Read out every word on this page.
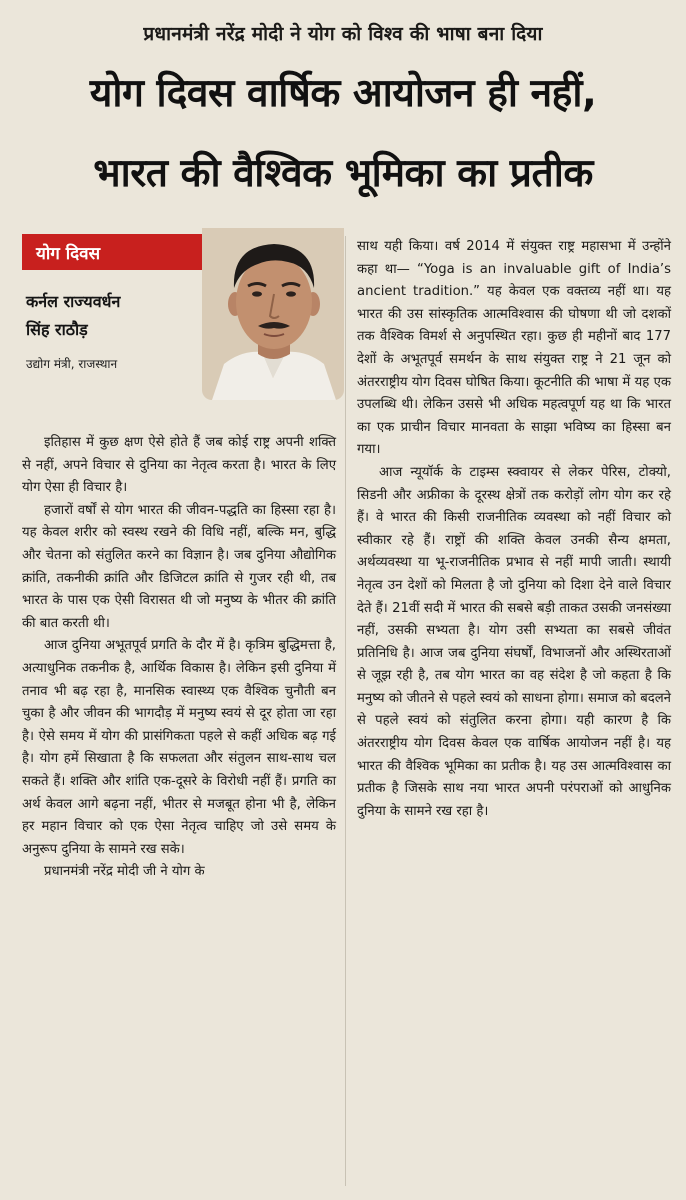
प्रधानमंत्री नरेंद्र मोदी ने योग को विश्व की भाषा बना दिया
योग दिवस वार्षिक आयोजन ही नहीं,
भारत की वैश्विक भूमिका का प्रतीक
योग दिवस
कर्नल राज्यवर्धन
सिंह राठौड़
उद्योग मंत्री, राजस्थान

इतिहास में कुछ क्षण ऐसे होते हैं जब कोई राष्ट्र अपनी शक्ति से नहीं, अपने विचार से दुनिया का नेतृत्व करता है। भारत के लिए योग ऐसा ही विचार है।

हजारों वर्षों से योग भारत की जीवन-पद्धति का हिस्सा रहा है। यह केवल शरीर को स्वस्थ रखने की विधि नहीं, बल्कि मन, बुद्धि और चेतना को संतुलित करने का विज्ञान है। जब दुनिया औद्योगिक क्रांति, तकनीकी क्रांति और डिजिटल क्रांति से गुजर रही थी, तब भारत के पास एक ऐसी विरासत थी जो मनुष्य के भीतर की क्रांति की बात करती थी।

आज दुनिया अभूतपूर्व प्रगति के दौर में है। कृत्रिम बुद्धिमत्ता है, अत्याधुनिक तकनीक है, आर्थिक विकास है। लेकिन इसी दुनिया में तनाव भी बढ़ रहा है, मानसिक स्वास्थ्य एक वैश्विक चुनौती बन चुका है और जीवन की भागदौड़ में मनुष्य स्वयं से दूर होता जा रहा है। ऐसे समय में योग की प्रासंगिकता पहले से कहीं अधिक बढ़ गई है। योग हमें सिखाता है कि सफलता और संतुलन साथ-साथ चल सकते हैं। शक्ति और शांति एक-दूसरे के विरोधी नहीं हैं। प्रगति का अर्थ केवल आगे बढ़ना नहीं, भीतर से मजबूत होना भी है, लेकिन हर महान विचार को एक ऐसा नेतृत्व चाहिए जो उसे समय के अनुरूप दुनिया के सामने रख सके।

प्रधानमंत्री नरेंद्र मोदी जी ने योग के

साथ यही किया। वर्ष 2014 में संयुक्त राष्ट्र महासभा में उन्होंने कहा था— “Yoga is an invaluable gift of India’s ancient tradition.” यह केवल एक वक्तव्य नहीं था। यह भारत की उस सांस्कृतिक आत्मविश्वास की घोषणा थी जो दशकों तक वैश्विक विमर्श से अनुपस्थित रहा। कुछ ही महीनों बाद 177 देशों के अभूतपूर्व समर्थन के साथ संयुक्त राष्ट्र ने 21 जून को अंतरराष्ट्रीय योग दिवस घोषित किया। कूटनीति की भाषा में यह एक उपलब्धि थी। लेकिन उससे भी अधिक महत्वपूर्ण यह था कि भारत का एक प्राचीन विचार मानवता के साझा भविष्य का हिस्सा बन गया।

आज न्यूयॉर्क के टाइम्स स्क्वायर से लेकर पेरिस, टोक्यो, सिडनी और अफ्रीका के दूरस्थ क्षेत्रों तक करोड़ों लोग योग कर रहे हैं। वे भारत की किसी राजनीतिक व्यवस्था को नहीं विचार को स्वीकार रहे हैं। राष्ट्रों की शक्ति केवल उनकी सैन्य क्षमता, अर्थव्यवस्था या भू-राजनीतिक प्रभाव से नहीं मापी जाती। स्थायी नेतृत्व उन देशों को मिलता है जो दुनिया को दिशा देने वाले विचार देते हैं। 21वीं सदी में भारत की सबसे बड़ी ताकत उसकी जनसंख्या नहीं, उसकी सभ्यता है। योग उसी सभ्यता का सबसे जीवंत प्रतिनिधि है। आज जब दुनिया संघर्षों, विभाजनों और अस्थिरताओं से जूझ रही है, तब योग भारत का वह संदेश है जो कहता है कि मनुष्य को जीतने से पहले स्वयं को साधना होगा। समाज को बदलने से पहले स्वयं को संतुलित करना होगा। यही कारण है कि अंतरराष्ट्रीय योग दिवस केवल एक वार्षिक आयोजन नहीं है। यह भारत की वैश्विक भूमिका का प्रतीक है। यह उस आत्मविश्वास का प्रतीक है जिसके साथ नया भारत अपनी परंपराओं को आधुनिक दुनिया के सामने रख रहा है।
